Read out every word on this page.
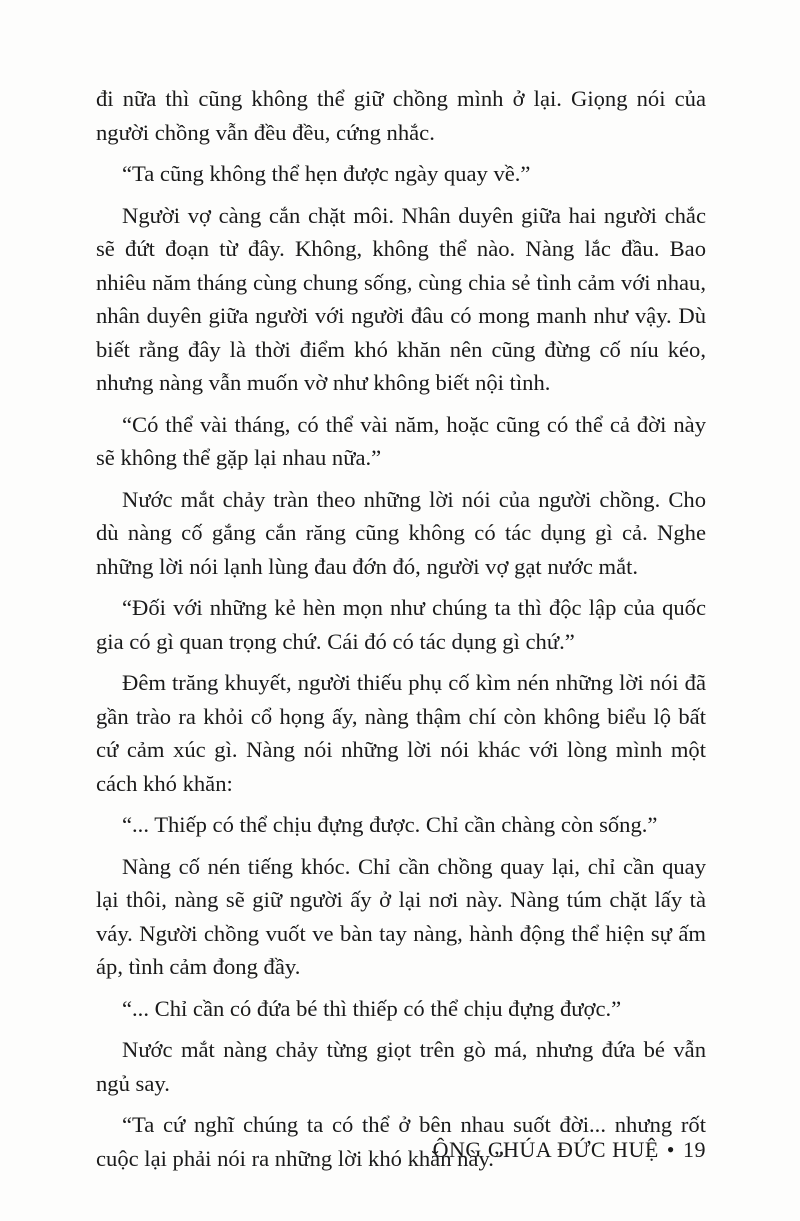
đi nữa thì cũng không thể giữ chồng mình ở lại. Giọng nói của người chồng vẫn đều đều, cứng nhắc.

“Ta cũng không thể hẹn được ngày quay về.”

Người vợ càng cắn chặt môi. Nhân duyên giữa hai người chắc sẽ đứt đoạn từ đây. Không, không thể nào. Nàng lắc đầu. Bao nhiêu năm tháng cùng chung sống, cùng chia sẻ tình cảm với nhau, nhân duyên giữa người với người đâu có mong manh như vậy. Dù biết rằng đây là thời điểm khó khăn nên cũng đừng cố níu kéo, nhưng nàng vẫn muốn vờ như không biết nội tình.

“Có thể vài tháng, có thể vài năm, hoặc cũng có thể cả đời này sẽ không thể gặp lại nhau nữa.”

Nước mắt chảy tràn theo những lời nói của người chồng. Cho dù nàng cố gắng cắn răng cũng không có tác dụng gì cả. Nghe những lời nói lạnh lùng đau đớn đó, người vợ gạt nước mắt.

“Đối với những kẻ hèn mọn như chúng ta thì độc lập của quốc gia có gì quan trọng chứ. Cái đó có tác dụng gì chứ.”

Đêm trăng khuyết, người thiếu phụ cố kìm nén những lời nói đã gần trào ra khỏi cổ họng ấy, nàng thậm chí còn không biểu lộ bất cứ cảm xúc gì. Nàng nói những lời nói khác với lòng mình một cách khó khăn:

“... Thiếp có thể chịu đựng được. Chỉ cần chàng còn sống.”

Nàng cố nén tiếng khóc. Chỉ cần chồng quay lại, chỉ cần quay lại thôi, nàng sẽ giữ người ấy ở lại nơi này. Nàng túm chặt lấy tà váy. Người chồng vuốt ve bàn tay nàng, hành động thể hiện sự ấm áp, tình cảm đong đầy.

“... Chỉ cần có đứa bé thì thiếp có thể chịu đựng được.”

Nước mắt nàng chảy từng giọt trên gò má, nhưng đứa bé vẫn ngủ say.

“Ta cứ nghĩ chúng ta có thể ở bên nhau suốt đời... nhưng rốt cuộc lại phải nói ra những lời khó khăn này.”

ÔNG CHÚA ĐỨC HUỆ • 19
